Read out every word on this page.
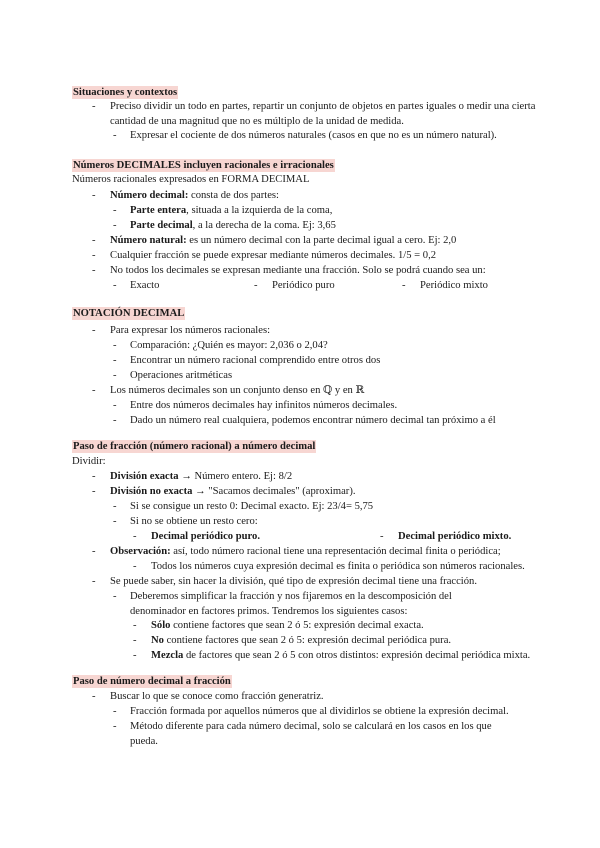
Situaciones y contextos
- Preciso dividir un todo en partes, repartir un conjunto de objetos en partes iguales o medir una cierta cantidad de una magnitud que no es múltiplo de la unidad de medida.
- Expresar el cociente de dos números naturales (casos en que no es un número natural).
Números DECIMALES incluyen racionales e irracionales
Números racionales expresados en FORMA DECIMAL
- Número decimal: consta de dos partes:
- Parte entera, situada a la izquierda de la coma,
- Parte decimal, a la derecha de la coma. Ej: 3,65
- Número natural: es un número decimal con la parte decimal igual a cero. Ej: 2,0
- Cualquier fracción se puede expresar mediante números decimales. 1/5 = 0,2
- No todos los decimales se expresan mediante una fracción. Solo se podrá cuando sea un:
- Exacto	- Periódico puro	- Periódico mixto
NOTACIÓN DECIMAL
- Para expresar los números racionales:
- Comparación: ¿Quién es mayor: 2,036 o 2,04?
- Encontrar un número racional comprendido entre otros dos
- Operaciones aritméticas
- Los números decimales son un conjunto denso en ℚ y en ℝ
- Entre dos números decimales hay infinitos números decimales.
- Dado un número real cualquiera, podemos encontrar número decimal tan próximo a él
Paso de fracción (número racional) a número decimal
Dividir:
- División exacta → Número entero. Ej: 8/2
- División no exacta → "Sacamos decimales" (aproximar).
- Si se consigue un resto 0: Decimal exacto. Ej: 23/4= 5,75
- Si no se obtiene un resto cero:
- Decimal periódico puro.	- Decimal periódico mixto.
- Observación: así, todo número racional tiene una representación decimal finita o periódica;
- Todos los números cuya expresión decimal es finita o periódica son números racionales.
- Se puede saber, sin hacer la división, qué tipo de expresión decimal tiene una fracción.
- Deberemos simplificar la fracción y nos fijaremos en la descomposición del denominador en factores primos. Tendremos los siguientes casos:
- Sólo contiene factores que sean 2 ó 5: expresión decimal exacta.
- No contiene factores que sean 2 ó 5: expresión decimal periódica pura.
- Mezcla de factores que sean 2 ó 5 con otros distintos: expresión decimal periódica mixta.
Paso de número decimal a fracción
- Buscar lo que se conoce como fracción generatriz.
- Fracción formada por aquellos números que al dividirlos se obtiene la expresión decimal.
- Método diferente para cada número decimal, solo se calculará en los casos en los que pueda.
